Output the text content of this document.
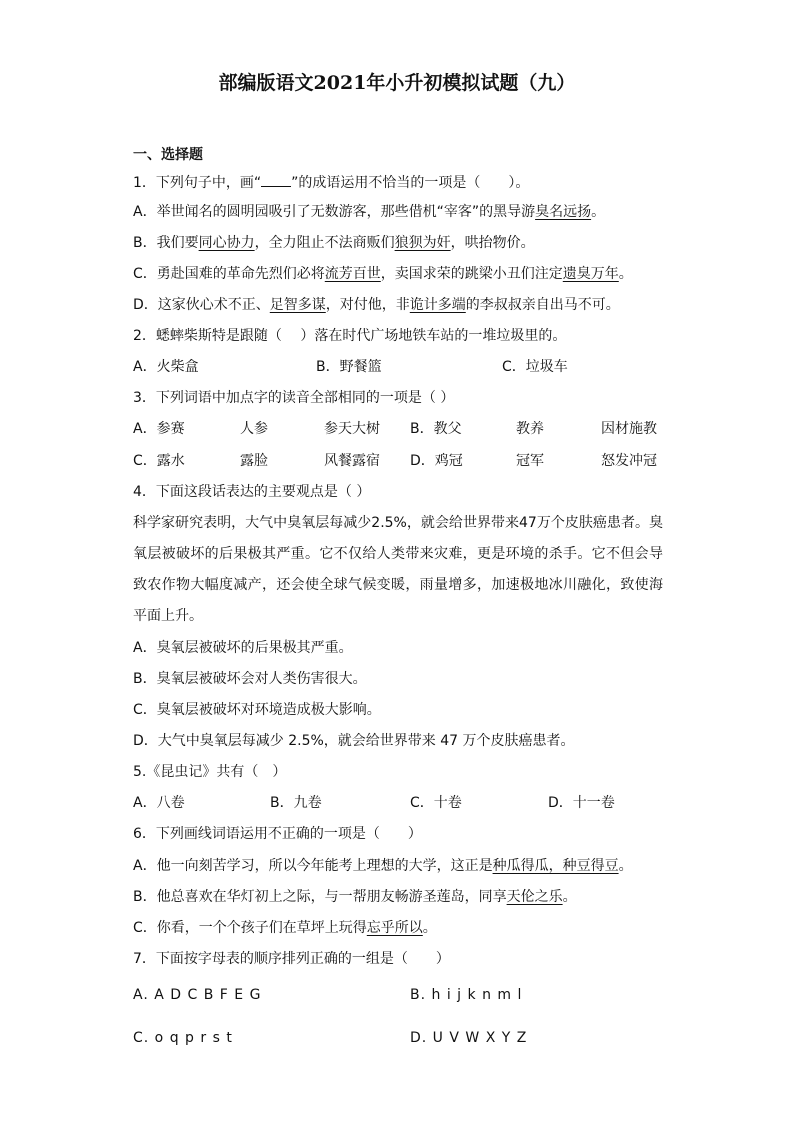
部编版语文2021年小升初模拟试题（九）
一、选择题
1．下列句子中，画“ ”的成语运用不恰当的一项是（　　）。
A．举世闻名的圆明园吸引了无数游客，那些借机“宰客”的黑导游臭名远扬。
B．我们要同心协力，全力阻止不法商贩们狼狈为奸，哄抬物价。
C．勇赴国难的革命先烈们必将流芳百世，卖国求荣的跳梁小丑们注定遗臭万年。
D．这家伙心术不正、足智多谋，对付他，非诡计多端的李叔叔亲自出马不可。
2．蟋蟀柴斯特是跟随（　 ）落在时代广场地铁车站的一堆垃圾里的。
A．火柴盒	B．野餐篮	C．垃圾车
3．下列词语中加点字的读音全部相同的一项是（ ）
A．参赛	人参	参天大树 B．教父	教养	因材施教
C．露水	露脸	风餐露宿 D．鸡冠	冠军	怒发冲冠
4．下面这段话表达的主要观点是（ ）
科学家研究表明，大气中臭氧层每减少2.5%，就会给世界带来47万个皮肤癌患者。臭氧层被破坏的后果极其严重。它不仅给人类带来灾难，更是环境的杀手。它不但会导致农作物大幅度减产，还会使全球气候变暖，雨量增多，加速极地冰川融化，致使海平面上升。
A．臭氧层被破坏的后果极其严重。
B．臭氧层被破坏会对人类伤害很大。
C．臭氧层被破坏对环境造成极大影响。
D．大气中臭氧层每减少 2.5%，就会给世界带来 47 万个皮肤癌患者。
5.《昆虫记》共有（　）
A．八卷	B．九卷	C．十卷	D．十一卷
6．下列画线词语运用不正确的一项是（　　）
A．他一向刻苦学习，所以今年能考上理想的大学，这正是种瓜得瓜，种豆得豆。
B．他总喜欢在华灯初上之际，与一帮朋友畅游圣莲岛，同享天伦之乐。
C．你看，一个个孩子们在草坪上玩得忘乎所以。
7．下面按字母表的顺序排列正确的一组是（　　）
A. A D C B F E G	B. h i j k n m l
C. o q p r s t	D. U V W X Y Z
